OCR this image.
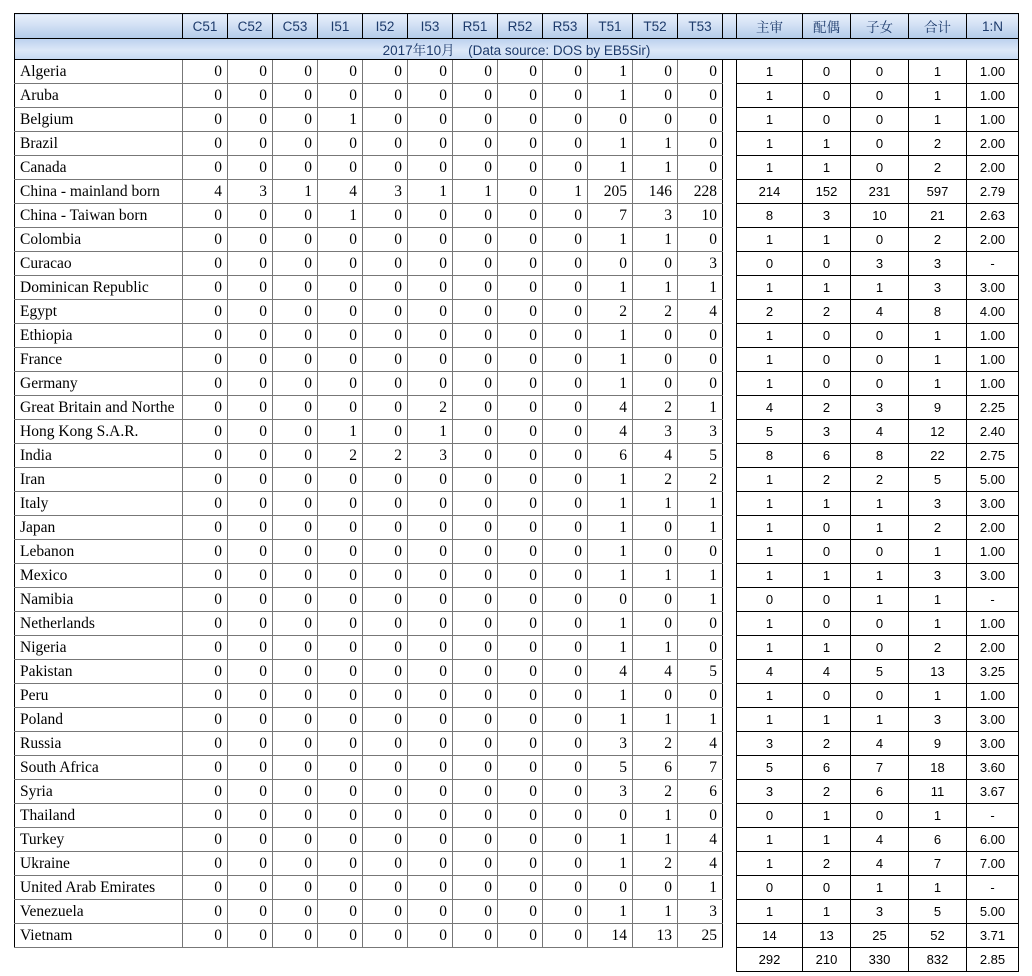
	C51	C52	C53	I51	I52	I53	R51	R52	R53	T51	T52	T53		主审	配偶	子女	合计	1:N
2017年10月　(Data source: DOS by EB5Sir)																		
Algeria	0	0	0	0	0	0	0	0	0	1	0	0		1	0	0	1	1.00
Aruba	0	0	0	0	0	0	0	0	0	1	0	0		1	0	0	1	1.00
Belgium	0	0	0	1	0	0	0	0	0	0	0	0		1	0	0	1	1.00
Brazil	0	0	0	0	0	0	0	0	0	1	1	0		1	1	0	2	2.00
Canada	0	0	0	0	0	0	0	0	0	1	1	0		1	1	0	2	2.00
China - mainland born	4	3	1	4	3	1	1	0	1	205	146	228		214	152	231	597	2.79
China - Taiwan born	0	0	0	1	0	0	0	0	0	7	3	10		8	3	10	21	2.63
Colombia	0	0	0	0	0	0	0	0	0	1	1	0		1	1	0	2	2.00
Curacao	0	0	0	0	0	0	0	0	0	0	0	3		0	0	3	3	-
Dominican Republic	0	0	0	0	0	0	0	0	0	1	1	1		1	1	1	3	3.00
Egypt	0	0	0	0	0	0	0	0	0	2	2	4		2	2	4	8	4.00
Ethiopia	0	0	0	0	0	0	0	0	0	1	0	0		1	0	0	1	1.00
France	0	0	0	0	0	0	0	0	0	1	0	0		1	0	0	1	1.00
Germany	0	0	0	0	0	0	0	0	0	1	0	0		1	0	0	1	1.00
Great Britain and Northe	0	0	0	0	0	2	0	0	0	4	2	1		4	2	3	9	2.25
Hong Kong S.A.R.	0	0	0	1	0	1	0	0	0	4	3	3		5	3	4	12	2.40
India	0	0	0	2	2	3	0	0	0	6	4	5		8	6	8	22	2.75
Iran	0	0	0	0	0	0	0	0	0	1	2	2		1	2	2	5	5.00
Italy	0	0	0	0	0	0	0	0	0	1	1	1		1	1	1	3	3.00
Japan	0	0	0	0	0	0	0	0	0	1	0	1		1	0	1	2	2.00
Lebanon	0	0	0	0	0	0	0	0	0	1	0	0		1	0	0	1	1.00
Mexico	0	0	0	0	0	0	0	0	0	1	1	1		1	1	1	3	3.00
Namibia	0	0	0	0	0	0	0	0	0	0	0	1		0	0	1	1	-
Netherlands	0	0	0	0	0	0	0	0	0	1	0	0		1	0	0	1	1.00
Nigeria	0	0	0	0	0	0	0	0	0	1	1	0		1	1	0	2	2.00
Pakistan	0	0	0	0	0	0	0	0	0	4	4	5		4	4	5	13	3.25
Peru	0	0	0	0	0	0	0	0	0	1	0	0		1	0	0	1	1.00
Poland	0	0	0	0	0	0	0	0	0	1	1	1		1	1	1	3	3.00
Russia	0	0	0	0	0	0	0	0	0	3	2	4		3	2	4	9	3.00
South Africa	0	0	0	0	0	0	0	0	0	5	6	7		5	6	7	18	3.60
Syria	0	0	0	0	0	0	0	0	0	3	2	6		3	2	6	11	3.67
Thailand	0	0	0	0	0	0	0	0	0	0	1	0		0	1	0	1	-
Turkey	0	0	0	0	0	0	0	0	0	1	1	4		1	1	4	6	6.00
Ukraine	0	0	0	0	0	0	0	0	0	1	2	4		1	2	4	7	7.00
United Arab Emirates	0	0	0	0	0	0	0	0	0	0	0	1		0	0	1	1	-
Venezuela	0	0	0	0	0	0	0	0	0	1	1	3		1	1	3	5	5.00
Vietnam	0	0	0	0	0	0	0	0	0	14	13	25		14	13	25	52	3.71
														292	210	330	832	2.85
